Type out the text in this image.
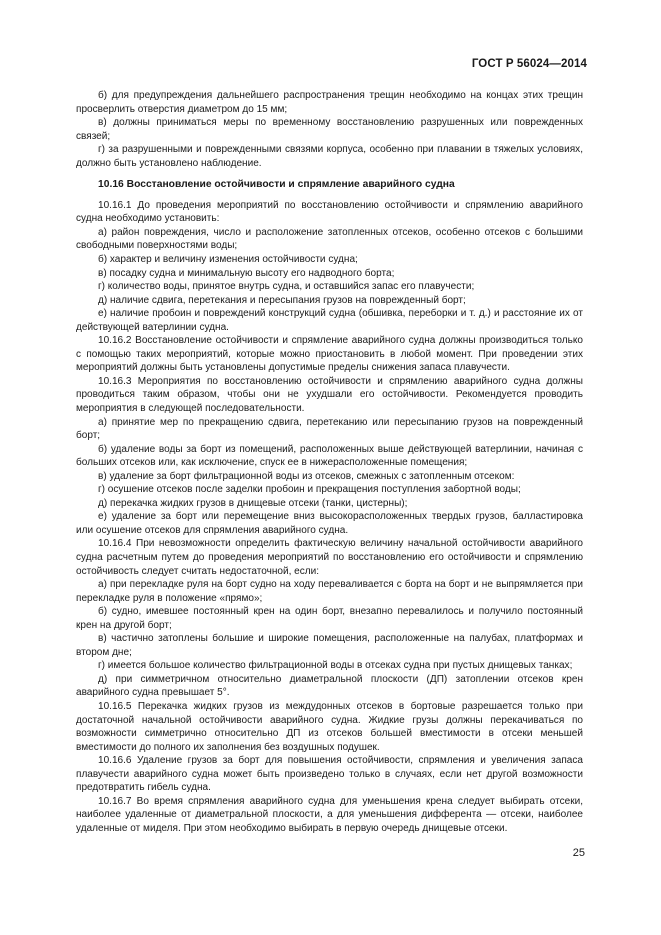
ГОСТ Р 56024—2014

б) для предупреждения дальнейшего распространения трещин необходимо на концах этих трещин просверлить отверстия диаметром до 15 мм;

в) должны приниматься меры по временному восстановлению разрушенных или поврежденных связей;

г) за разрушенными и поврежденными связями корпуса, особенно при плавании в тяжелых условиях, должно быть установлено наблюдение.

10.16 Восстановление остойчивости и спрямление аварийного судна

10.16.1 До проведения мероприятий по восстановлению остойчивости и спрямлению аварийного судна необходимо установить:

а) район повреждения, число и расположение затопленных отсеков, особенно отсеков с большими свободными поверхностями воды;

б) характер и величину изменения остойчивости судна;

в) посадку судна и минимальную высоту его надводного борта;

г) количество воды, принятое внутрь судна, и оставшийся запас его плавучести;

д) наличие сдвига, перетекания и пересыпания грузов на поврежденный борт;

е) наличие пробоин и повреждений конструкций судна (обшивка, переборки и т. д.) и расстояние их от действующей ватерлинии судна.

10.16.2 Восстановление остойчивости и спрямление аварийного судна должны производиться только с помощью таких мероприятий, которые можно приостановить в любой момент. При проведении этих мероприятий должны быть установлены допустимые пределы снижения запаса плавучести.

10.16.3 Мероприятия по восстановлению остойчивости и спрямлению аварийного судна должны проводиться таким образом, чтобы они не ухудшали его остойчивости. Рекомендуется проводить мероприятия в следующей последовательности.

а) принятие мер по прекращению сдвига, перетеканию или пересыпанию грузов на поврежденный борт;

б) удаление воды за борт из помещений, расположенных выше действующей ватерлинии, начиная с больших отсеков или, как исключение, спуск ее в нижерасположенные помещения;

в) удаление за борт фильтрационной воды из отсеков, смежных с затопленным отсеком:

г) осушение отсеков после заделки пробоин и прекращения поступления забортной воды;

д) перекачка жидких грузов в днищевые отсеки (танки, цистерны);

е) удаление за борт или перемещение вниз высокорасположенных твердых грузов, балластировка или осушение отсеков для спрямления аварийного судна.

10.16.4 При невозможности определить фактическую величину начальной остойчивости аварийного судна расчетным путем до проведения мероприятий по восстановлению его остойчивости и спрямлению остойчивость следует считать недостаточной, если:

а) при перекладке руля на борт судно на ходу переваливается с борта на борт и не выпрямляется при перекладке руля в положение «прямо»;

б) судно, имевшее постоянный крен на один борт, внезапно перевалилось и получило постоянный крен на другой борт;

в) частично затоплены большие и широкие помещения, расположенные на палубах, платформах и втором дне;

г) имеется большое количество фильтрационной воды в отсеках судна при пустых днищевых танках;

д) при симметричном относительно диаметральной плоскости (ДП) затоплении отсеков крен аварийного судна превышает 5°.

10.16.5 Перекачка жидких грузов из междудонных отсеков в бортовые разрешается только при достаточной начальной остойчивости аварийного судна. Жидкие грузы должны перекачиваться по возможности симметрично относительно ДП из отсеков большей вместимости в отсеки меньшей вместимости до полного их заполнения без воздушных подушек.

10.16.6 Удаление грузов за борт для повышения остойчивости, спрямления и увеличения запаса плавучести аварийного судна может быть произведено только в случаях, если нет другой возможности предотвратить гибель судна.

10.16.7 Во время спрямления аварийного судна для уменьшения крена следует выбирать отсеки, наиболее удаленные от диаметральной плоскости, а для уменьшения дифферента — отсеки, наиболее удаленные от миделя. При этом необходимо выбирать в первую очередь днищевые отсеки.

25
